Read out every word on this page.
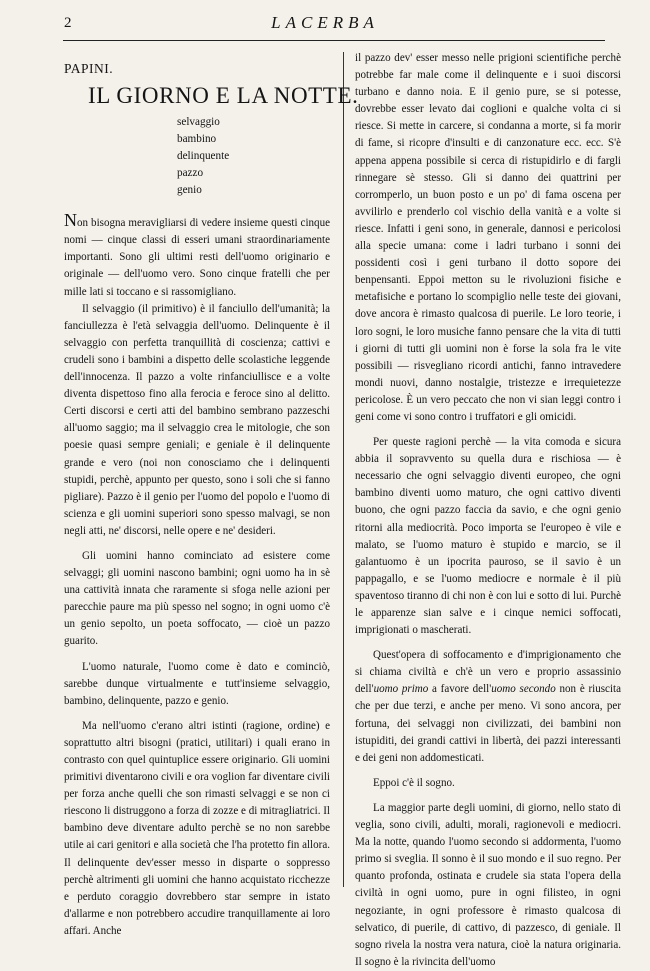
2	LACERBA
PAPINI.
IL GIORNO E LA NOTTE.
selvaggio
bambino
delinquente
pazzo
genio

Non bisogna meravigliarsi di vedere insieme questi cinque nomi — cinque classi di esseri umani straordinariamente importanti. Sono gli ultimi resti dell'uomo originario e originale — dell'uomo vero. Sono cinque fratelli che per mille lati si toccano e si rassomigliano.

Il selvaggio (il primitivo) è il fanciullo dell'umanità; la fanciullezza è l'età selvaggia dell'uomo. Delinquente è il selvaggio con perfetta tranquillità di coscienza; cattivi e crudeli sono i bambini a dispetto delle scolastiche leggende dell'innocenza. Il pazzo a volte rinfanciullisce e a volte diventa dispettoso fino alla ferocia e feroce sino al delitto. Certi discorsi e certi atti del bambino sembrano pazzeschi all'uomo saggio; ma il selvaggio crea le mitologie, che son poesie quasi sempre geniali; e geniale è il delinquente grande e vero (noi non conosciamo che i delinquenti stupidi, perchè, appunto per questo, sono i soli che si fanno pigliare). Pazzo è il genio per l'uomo del popolo e l'uomo di scienza e gli uomini superiori sono spesso malvagi, se non negli atti, ne' discorsi, nelle opere e ne' desideri.

Gli uomini hanno cominciato ad esistere come selvaggi; gli uomini nascono bambini; ogni uomo ha in sè una cattività innata che raramente si sfoga nelle azioni per parecchie paure ma più spesso nel sogno; in ogni uomo c'è un genio sepolto, un poeta soffocato, — cioè un pazzo guarito.

L'uomo naturale, l'uomo come è dato e cominciò, sarebbe dunque virtualmente e tutt'insieme selvaggio, bambino, delinquente, pazzo e genio.

Ma nell'uomo c'erano altri istinti (ragione, ordine) e soprattutto altri bisogni (pratici, utilitari) i quali erano in contrasto con quel quintuplice essere originario. Gli uomini primitivi diventarono civili e ora voglion far diventare civili per forza anche quelli che son rimasti selvaggi e se non ci riescono li distruggono a forza di zozze e di mitragliatrici. Il bambino deve diventare adulto perchè se no non sarebbe utile ai cari genitori e alla società che l'ha protetto fin allora. Il delinquente dev'esser messo in disparte o soppresso perchè altrimenti gli uomini che hanno acquistato ricchezze e perduto coraggio dovrebbero star sempre in istato d'allarme e non potrebbero accudire tranquillamente ai loro affari. Anche

il pazzo dev' esser messo nelle prigioni scientifiche perchè potrebbe far male come il delinquente e i suoi discorsi turbano e danno noia. E il genio pure, se si potesse, dovrebbe esser levato dai coglioni e qualche volta ci si riesce. Si mette in carcere, si condanna a morte, si fa morir di fame, si ricopre d'insulti e di canzonature ecc. ecc. S'è appena appena possibile si cerca di ristupidirlo e di fargli rinnegare sè stesso. Gli si danno dei quattrini per corromperlo, un buon posto e un po' di fama oscena per avvilirlo e prenderlo col vischio della vanità e a volte si riesce. Infatti i geni sono, in generale, dannosi e pericolosi alla specie umana: come i ladri turbano i sonni dei possidenti così i geni turbano il dotto sopore dei benpensanti. Eppoi metton su le rivoluzioni fisiche e metafisiche e portano lo scompiglio nelle teste dei giovani, dove ancora è rimasto qualcosa di puerile. Le loro teorie, i loro sogni, le loro musiche fanno pensare che la vita di tutti i giorni di tutti gli uomini non è forse la sola fra le vite possibili — risvegliano ricordi antichi, fanno intravedere mondi nuovi, danno nostalgie, tristezze e irrequietezze pericolose. È un vero peccato che non vi sian leggi contro i geni come vi sono contro i truffatori e gli omicidi.

Per queste ragioni perchè — la vita comoda e sicura abbia il sopravvento su quella dura e rischiosa — è necessario che ogni selvaggio diventi europeo, che ogni bambino diventi uomo maturo, che ogni cattivo diventi buono, che ogni pazzo faccia da savio, e che ogni genio ritorni alla mediocrità. Poco importa se l'europeo è vile e malato, se l'uomo maturo è stupido e marcio, se il galantuomo è un ipocrita pauroso, se il savio è un pappagallo, e se l'uomo mediocre e normale è il più spaventoso tiranno di chi non è con lui e sotto di lui. Purchè le apparenze sian salve e i cinque nemici soffocati, imprigionati o mascherati.

Quest'opera di soffocamento e d'imprigionamento che si chiama civiltà e ch'è un vero e proprio assassinio dell'uomo primo a favore dell'uomo secondo non è riuscita che per due terzi, e anche per meno. Vi sono ancora, per fortuna, dei selvaggi non civilizzati, dei bambini non istupiditi, dei grandi cattivi in libertà, dei pazzi interessanti e dei geni non addomesticati.

Eppoi c'è il sogno.

La maggior parte degli uomini, di giorno, nello stato di veglia, sono civili, adulti, morali, ragionevoli e mediocri. Ma la notte, quando l'uomo secondo si addormenta, l'uomo primo si sveglia. Il sonno è il suo mondo e il suo regno. Per quanto profonda, ostinata e crudele sia stata l'opera della civiltà in ogni uomo, pure in ogni filisteo, in ogni negoziante, in ogni professore è rimasto qualcosa di selvatico, di puerile, di cattivo, di pazzesco, di geniale. Il sogno rivela la nostra vera natura, cioè la natura originaria. Il sogno è la rivincita dell'uomo
